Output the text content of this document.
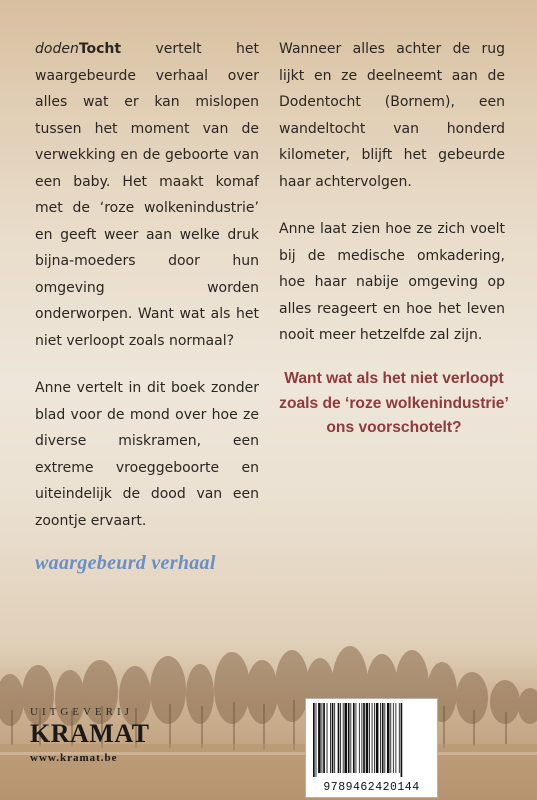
dodenTocht vertelt het waargebeurde verhaal over alles wat er kan mislopen tussen het moment van de verwekking en de geboorte van een baby. Het maakt komaf met de ‘roze wolkenindustrie’ en geeft weer aan welke druk bijna-moeders door hun omgeving worden onderworpen. Want wat als het niet verloopt zoals normaal?

Anne vertelt in dit boek zonder blad voor de mond over hoe ze diverse miskramen, een extreme vroeggeboorte en uiteindelijk de dood van een zoontje ervaart.

Wanneer alles achter de rug lijkt en ze deelneemt aan de Dodentocht (Bornem), een wandeltocht van honderd kilometer, blijft het gebeurde haar achtervolgen.

Anne laat zien hoe ze zich voelt bij de medische omkadering, hoe haar nabije omgeving op alles reageert en hoe het leven nooit meer hetzelfde zal zijn.

Want wat als het niet verloopt zoals de ‘roze wolkenindustrie’ ons voorschotelt?
waargebeurd verhaal
UITGEVERIJ
KRAMAT
www.kramat.be
9789462420144
